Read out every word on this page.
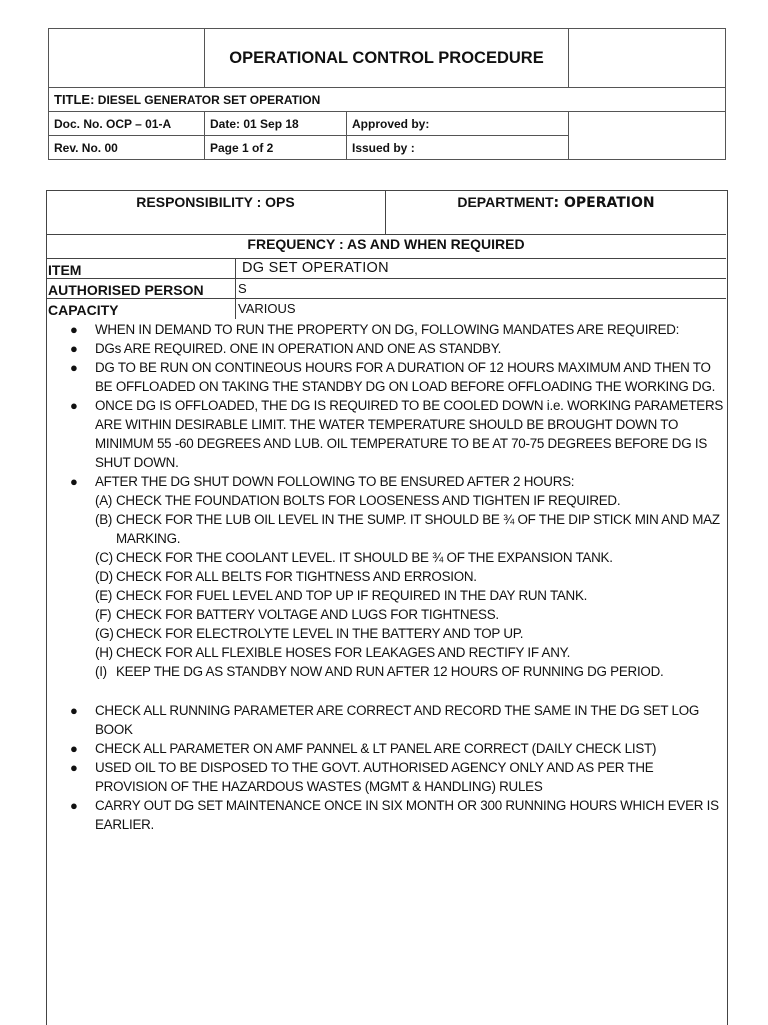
	OPERATIONAL CONTROL PROCEDURE		
TITLE: DIESEL GENERATOR SET OPERATION			
Doc. No. OCP – 01-A	Date: 01 Sep 18	Approved by:	
Rev. No. 00	Page 1 of 2	Issued by :	
RESPONSIBILITY : OPS	DEPARTMENT: OPERATION
FREQUENCY : AS AND WHEN REQUIRED
ITEM	DG SET OPERATION
AUTHORISED PERSON	S
CAPACITY	VARIOUS
● WHEN IN DEMAND TO RUN THE PROPERTY ON DG, FOLLOWING MANDATES ARE REQUIRED:
● DGs ARE REQUIRED. ONE IN OPERATION AND ONE AS STANDBY.
● DG TO BE RUN ON CONTINEOUS HOURS FOR A DURATION OF 12 HOURS MAXIMUM AND THEN TO BE OFFLOADED ON TAKING THE STANDBY DG ON LOAD BEFORE OFFLOADING THE WORKING DG.
● ONCE DG IS OFFLOADED, THE DG IS REQUIRED TO BE COOLED DOWN i.e. WORKING PARAMETERS ARE WITHIN DESIRABLE LIMIT. THE WATER TEMPERATURE SHOULD BE BROUGHT DOWN TO MINIMUM 55 -60 DEGREES AND LUB. OIL TEMPERATURE TO BE AT 70-75 DEGREES BEFORE DG IS SHUT DOWN.
● AFTER THE DG SHUT DOWN FOLLOWING TO BE ENSURED AFTER 2 HOURS:
(A) CHECK THE FOUNDATION BOLTS FOR LOOSENESS AND TIGHTEN IF REQUIRED.
(B) CHECK FOR THE LUB OIL LEVEL IN THE SUMP. IT SHOULD BE ¾ OF THE DIP STICK MIN AND MAZ MARKING.
(C) CHECK FOR THE COOLANT LEVEL. IT SHOULD BE ¾ OF THE EXPANSION TANK.
(D) CHECK FOR ALL BELTS FOR TIGHTNESS AND ERROSION.
(E) CHECK FOR FUEL LEVEL AND TOP UP IF REQUIRED IN THE DAY RUN TANK.
(F) CHECK FOR BATTERY VOLTAGE AND LUGS FOR TIGHTNESS.
(G) CHECK FOR ELECTROLYTE LEVEL IN THE BATTERY AND TOP UP.
(H) CHECK FOR ALL FLEXIBLE HOSES FOR LEAKAGES AND RECTIFY IF ANY.
(I) KEEP THE DG AS STANDBY NOW AND RUN AFTER 12 HOURS OF RUNNING DG PERIOD.
● CHECK ALL RUNNING PARAMETER ARE CORRECT AND RECORD THE SAME IN THE DG SET LOG BOOK
● CHECK ALL PARAMETER ON AMF PANNEL & LT PANEL ARE CORRECT (DAILY CHECK LIST)
● USED OIL TO BE DISPOSED TO THE GOVT. AUTHORISED AGENCY ONLY AND AS PER THE PROVISION OF THE HAZARDOUS WASTES (MGMT & HANDLING) RULES
● CARRY OUT DG SET MAINTENANCE ONCE IN SIX MONTH OR 300 RUNNING HOURS WHICH EVER IS EARLIER.
